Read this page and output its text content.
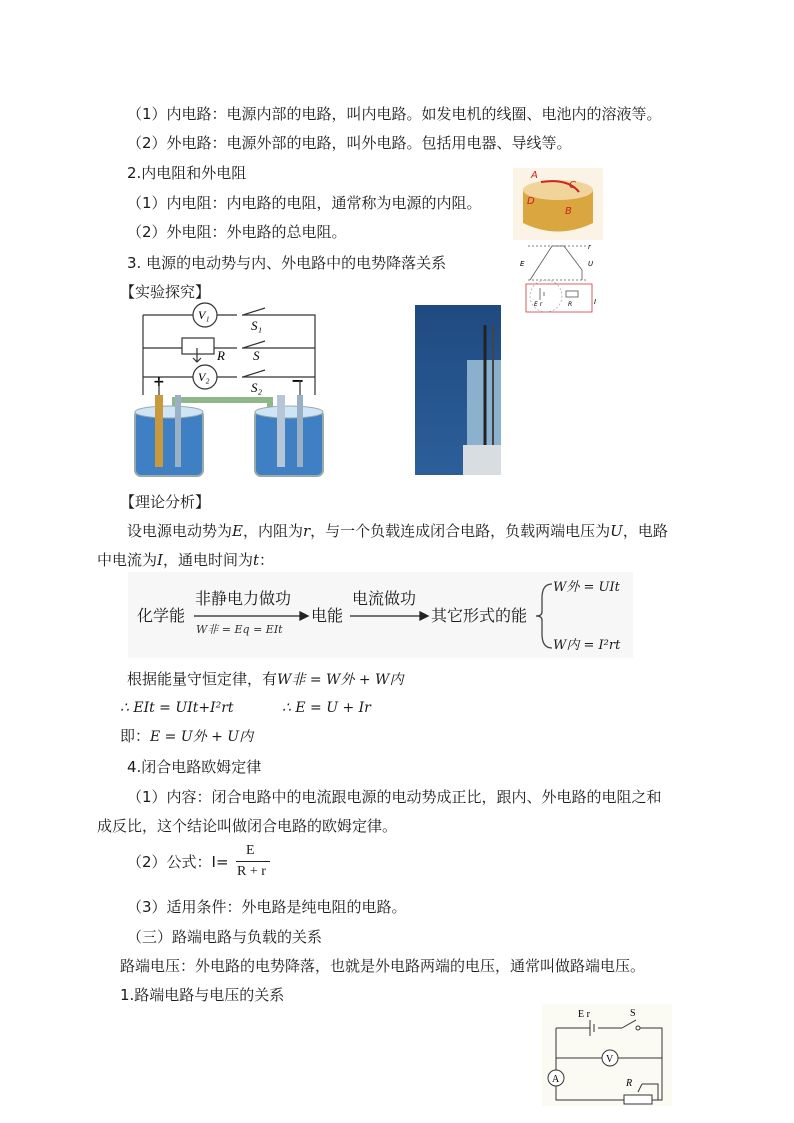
（1）内电路：电源内部的电路，叫内电路。如发电机的线圈、电池内的溶液等。
（2）外电路：电源外部的电路，叫外电路。包括用电器、导线等。
2.内电阻和外电阻
（1）内电阻：内电路的电阻，通常称为电源的内阻。
（2）外电阻：外电路的总电阻。
3. 电源的电动势与内、外电路中的电势降落关系
【实验探究】
V₁
V₂
S₁
R S
S₂
+	−
A
C
D
B
E
r
U
I
E r	R
【理论分析】
设电源电动势为E，内阻为r，与一个负载连成闭合电路，负载两端电压为U，电路
中电流为I，通电时间为t：
化学能
非静电力做功
W非 = Eq = EIt
电能
电流做功
其它形式的能
W外 = UIt
W内 = I²rt
根据能量守恒定律，有W非 = W外 + W内
∴ EIt = UIt+I²rt	∴ E = U + Ir
即：E = U外 + U内
4.闭合电路欧姆定律
（1）内容：闭合电路中的电流跟电源的电动势成正比，跟内、外电路的电阻之和
成反比，这个结论叫做闭合电路的欧姆定律。
（2）公式：I=
E
R + r
（3）适用条件：外电路是纯电阻的电路。
（三）路端电路与负载的关系
路端电压：外电路的电势降落，也就是外电路两端的电压，通常叫做路端电压。
1.路端电路与电压的关系
E r	S
V
A	R
